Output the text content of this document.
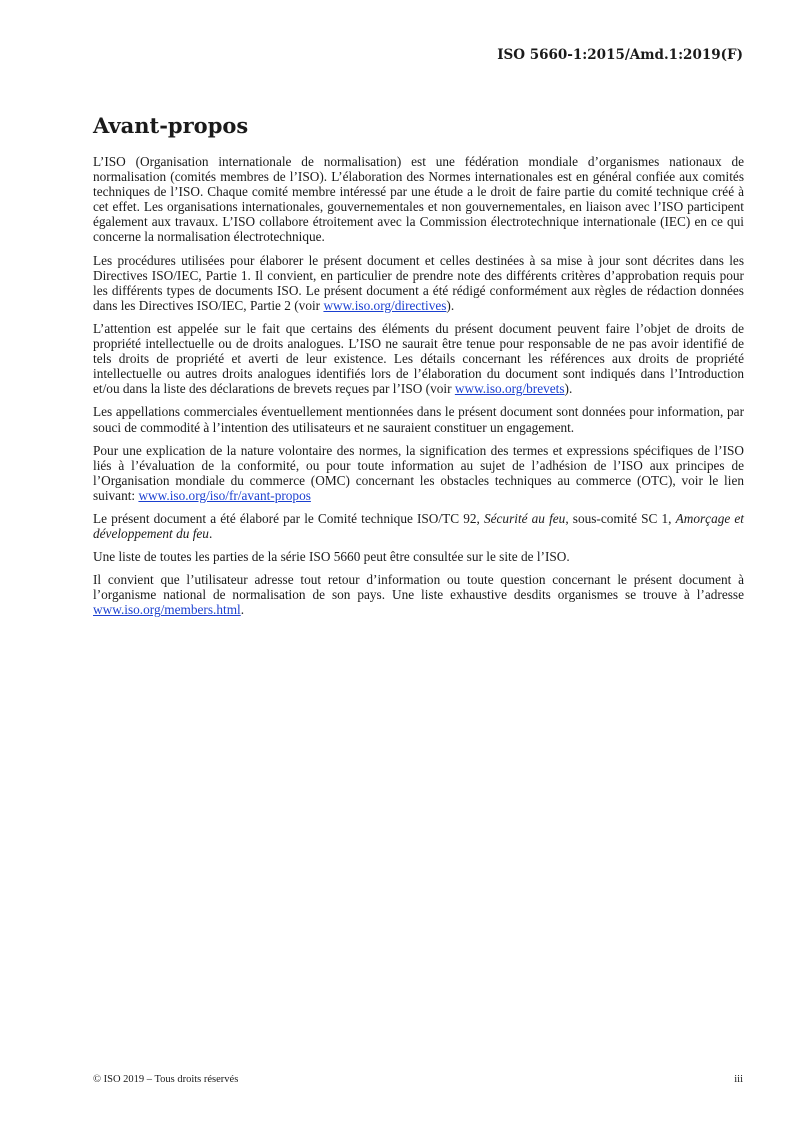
ISO 5660-1:2015/Amd.1:2019(F)
Avant-propos

L’ISO (Organisation internationale de normalisation) est une fédération mondiale d’organismes nationaux de normalisation (comités membres de l’ISO). L’élaboration des Normes internationales est en général confiée aux comités techniques de l’ISO. Chaque comité membre intéressé par une étude a le droit de faire partie du comité technique créé à cet effet. Les organisations internationales, gouvernementales et non gouvernementales, en liaison avec l’ISO participent également aux travaux. L’ISO collabore étroitement avec la Commission électrotechnique internationale (IEC) en ce qui concerne la normalisation électrotechnique.

Les procédures utilisées pour élaborer le présent document et celles destinées à sa mise à jour sont décrites dans les Directives ISO/IEC, Partie 1. Il convient, en particulier de prendre note des différents critères d’approbation requis pour les différents types de documents ISO. Le présent document a été rédigé conformément aux règles de rédaction données dans les Directives ISO/IEC, Partie 2 (voir www.iso.org/directives).

L’attention est appelée sur le fait que certains des éléments du présent document peuvent faire l’objet de droits de propriété intellectuelle ou de droits analogues. L’ISO ne saurait être tenue pour responsable de ne pas avoir identifié de tels droits de propriété et averti de leur existence. Les détails concernant les références aux droits de propriété intellectuelle ou autres droits analogues identifiés lors de l’élaboration du document sont indiqués dans l’Introduction et/ou dans la liste des déclarations de brevets reçues par l’ISO (voir www.iso.org/brevets).

Les appellations commerciales éventuellement mentionnées dans le présent document sont données pour information, par souci de commodité à l’intention des utilisateurs et ne sauraient constituer un engagement.

Pour une explication de la nature volontaire des normes, la signification des termes et expressions spécifiques de l’ISO liés à l’évaluation de la conformité, ou pour toute information au sujet de l’adhésion de l’ISO aux principes de l’Organisation mondiale du commerce (OMC) concernant les obstacles techniques au commerce (OTC), voir le lien suivant: www.iso.org/iso/fr/avant-propos

Le présent document a été élaboré par le Comité technique ISO/TC 92, Sécurité au feu, sous-comité SC 1, Amorçage et développement du feu.

Une liste de toutes les parties de la série ISO 5660 peut être consultée sur le site de l’ISO.

Il convient que l’utilisateur adresse tout retour d’information ou toute question concernant le présent document à l’organisme national de normalisation de son pays. Une liste exhaustive desdits organismes se trouve à l’adresse www.iso.org/members.html.

© ISO 2019 – Tous droits réservés	iii
